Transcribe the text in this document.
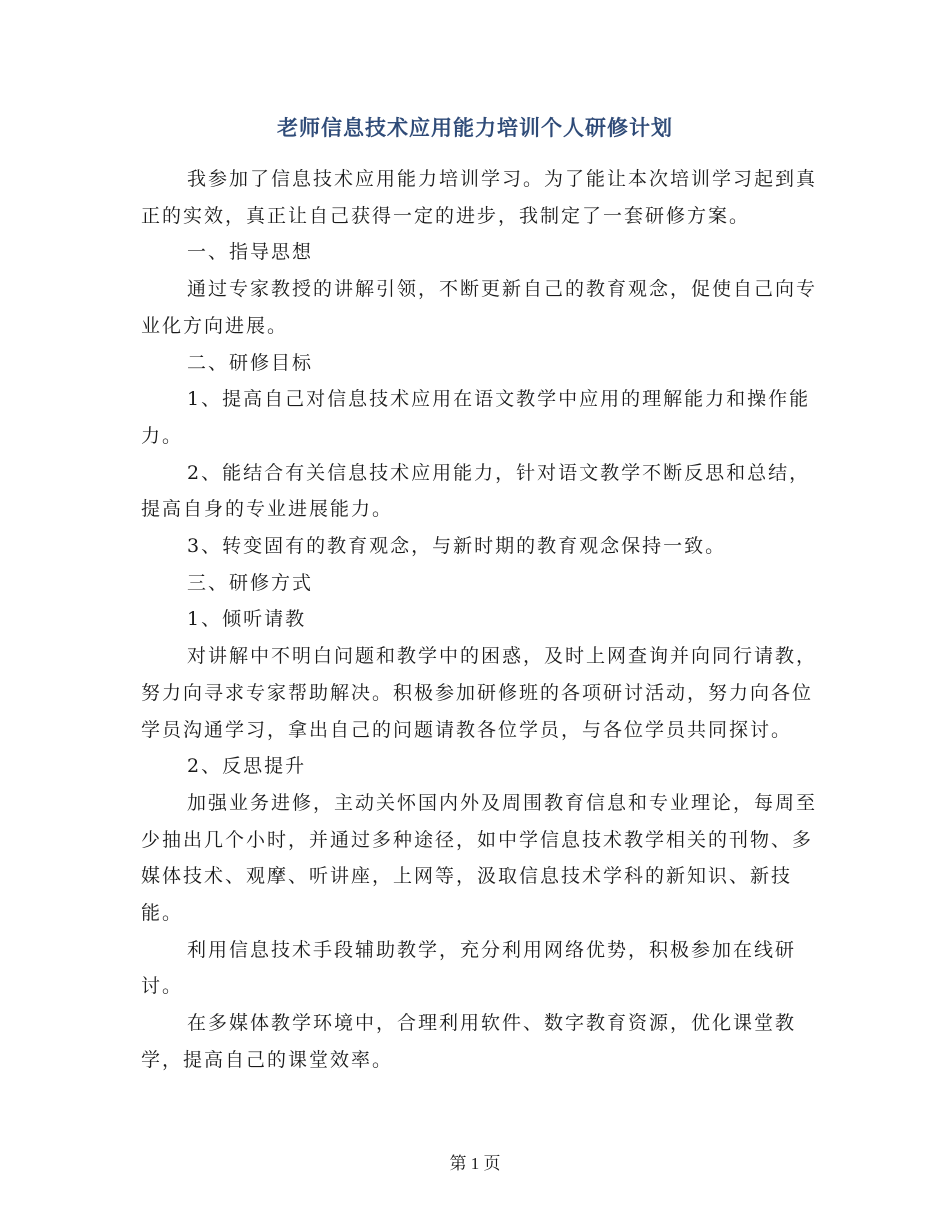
老师信息技术应用能力培训个人研修计划

我参加了信息技术应用能力培训学习。为了能让本次培训学习起到真正的实效，真正让自己获得一定的进步，我制定了一套研修方案。

一、指导思想

通过专家教授的讲解引领，不断更新自己的教育观念，促使自己向专业化方向进展。

二、研修目标

1、提高自己对信息技术应用在语文教学中应用的理解能力和操作能力。

2、能结合有关信息技术应用能力，针对语文教学不断反思和总结，提高自身的专业进展能力。

3、转变固有的教育观念，与新时期的教育观念保持一致。

三、研修方式

1、倾听请教

对讲解中不明白问题和教学中的困惑，及时上网查询并向同行请教，努力向寻求专家帮助解决。积极参加研修班的各项研讨活动，努力向各位学员沟通学习，拿出自己的问题请教各位学员，与各位学员共同探讨。

2、反思提升

加强业务进修，主动关怀国内外及周围教育信息和专业理论，每周至少抽出几个小时，并通过多种途径，如中学信息技术教学相关的刊物、多媒体技术、观摩、听讲座，上网等，汲取信息技术学科的新知识、新技能。

利用信息技术手段辅助教学，充分利用网络优势，积极参加在线研讨。

在多媒体教学环境中，合理利用软件、数字教育资源，优化课堂教学，提高自己的课堂效率。

第 1 页
